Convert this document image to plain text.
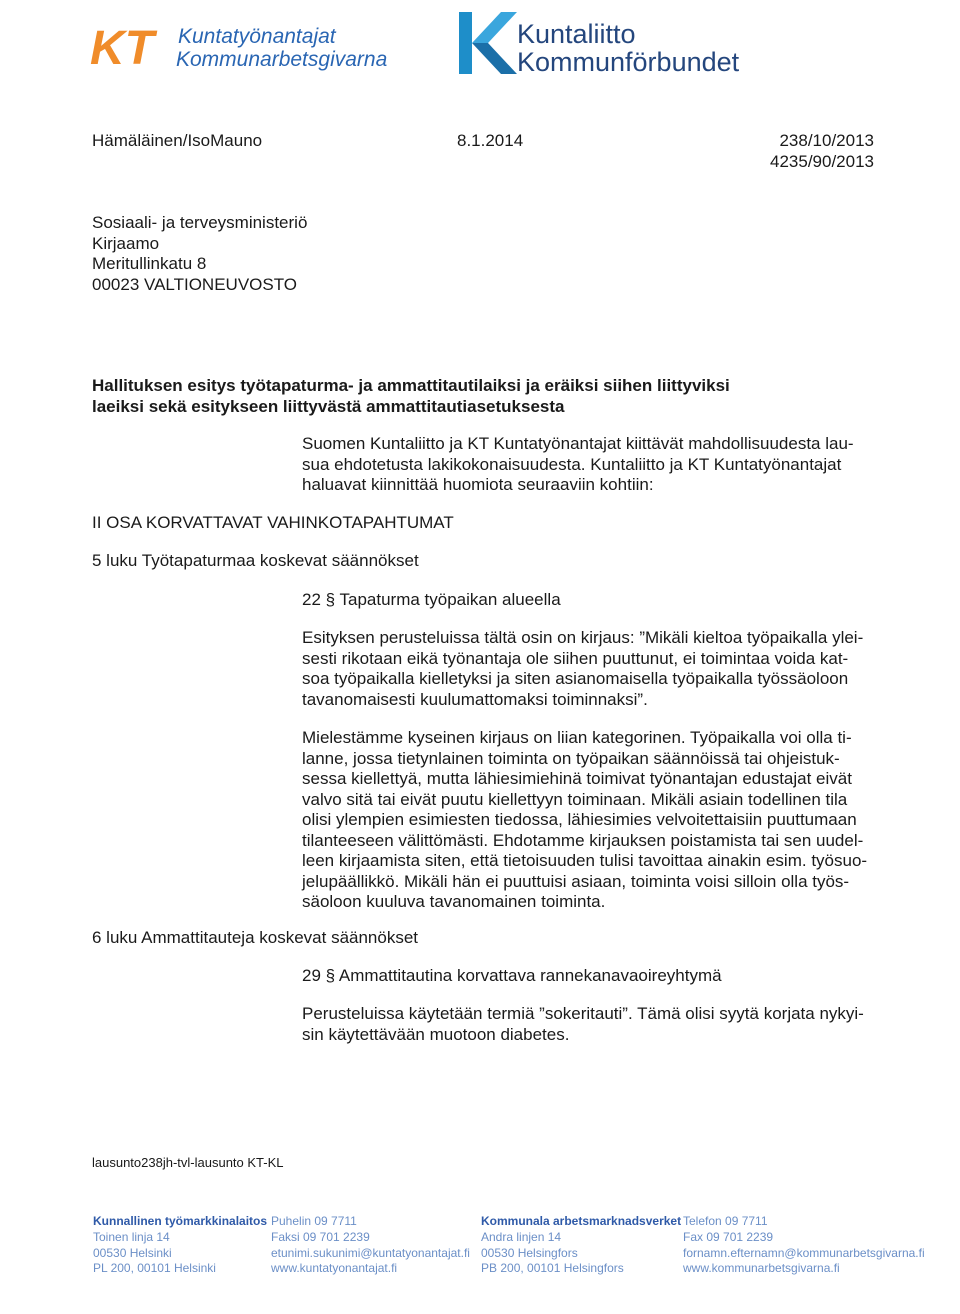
KT Kuntatyönantajat
Kommunarbetsgivarna
Kuntaliitto
Kommunförbundet
Hämäläinen/IsoMauno	8.1.2014	238/10/2013
4235/90/2013
Sosiaali- ja terveysministeriö
Kirjaamo
Meritullinkatu 8
00023 VALTIONEUVOSTO
Hallituksen esitys työtapaturma- ja ammattitautilaiksi ja eräiksi siihen liittyviksi
laeiksi sekä esitykseen liittyvästä ammattitautiasetuksesta
Suomen Kuntaliitto ja KT Kuntatyönantajat kiittävät mahdollisuudesta lau-
sua ehdotetusta lakikokonaisuudesta. Kuntaliitto ja KT Kuntatyönantajat
haluavat kiinnittää huomiota seuraaviin kohtiin:
II OSA KORVATTAVAT VAHINKOTAPAHTUMAT
5 luku Työtapaturmaa koskevat säännökset
22 § Tapaturma työpaikan alueella
Esityksen perusteluissa tältä osin on kirjaus: ”Mikäli kieltoa työpaikalla ylei-
sesti rikotaan eikä työnantaja ole siihen puuttunut, ei toimintaa voida kat-
soa työpaikalla kielletyksi ja siten asianomaisella työpaikalla työssäoloon
tavanomaisesti kuulumattomaksi toiminnaksi”.
Mielestämme kyseinen kirjaus on liian kategorinen. Työpaikalla voi olla ti-
lanne, jossa tietynlainen toiminta on työpaikan säännöissä tai ohjeistuk-
sessa kiellettyä, mutta lähiesimiehinä toimivat työnantajan edustajat eivät
valvo sitä tai eivät puutu kiellettyyn toiminaan. Mikäli asiain todellinen tila
olisi ylempien esimiesten tiedossa, lähiesimies velvoitettaisiin puuttumaan
tilanteeseen välittömästi. Ehdotamme kirjauksen poistamista tai sen uudel-
leen kirjaamista siten, että tietoisuuden tulisi tavoittaa ainakin esim. työsuo-
jelupäällikkö. Mikäli hän ei puuttuisi asiaan, toiminta voisi silloin olla työs-
säoloon kuuluva tavanomainen toiminta.
6 luku Ammattitauteja koskevat säännökset
29 § Ammattitautina korvattava rannekanavaoireyhtymä
Perusteluissa käytetään termiä ”sokeritauti”. Tämä olisi syytä korjata nykyi-
sin käytettävään muotoon diabetes.
lausunto238jh-tvl-lausunto KT-KL
Kunnallinen työmarkkinalaitos
Toinen linja 14
00530 Helsinki
PL 200, 00101 Helsinki
Puhelin 09 7711
Faksi 09 701 2239
etunimi.sukunimi@kuntatyonantajat.fi
www.kuntatyonantajat.fi
Kommunala arbetsmarknadsverket
Andra linjen 14
00530 Helsingfors
PB 200, 00101 Helsingfors
Telefon 09 7711
Fax 09 701 2239
fornamn.efternamn@kommunarbetsgivarna.fi
www.kommunarbetsgivarna.fi
